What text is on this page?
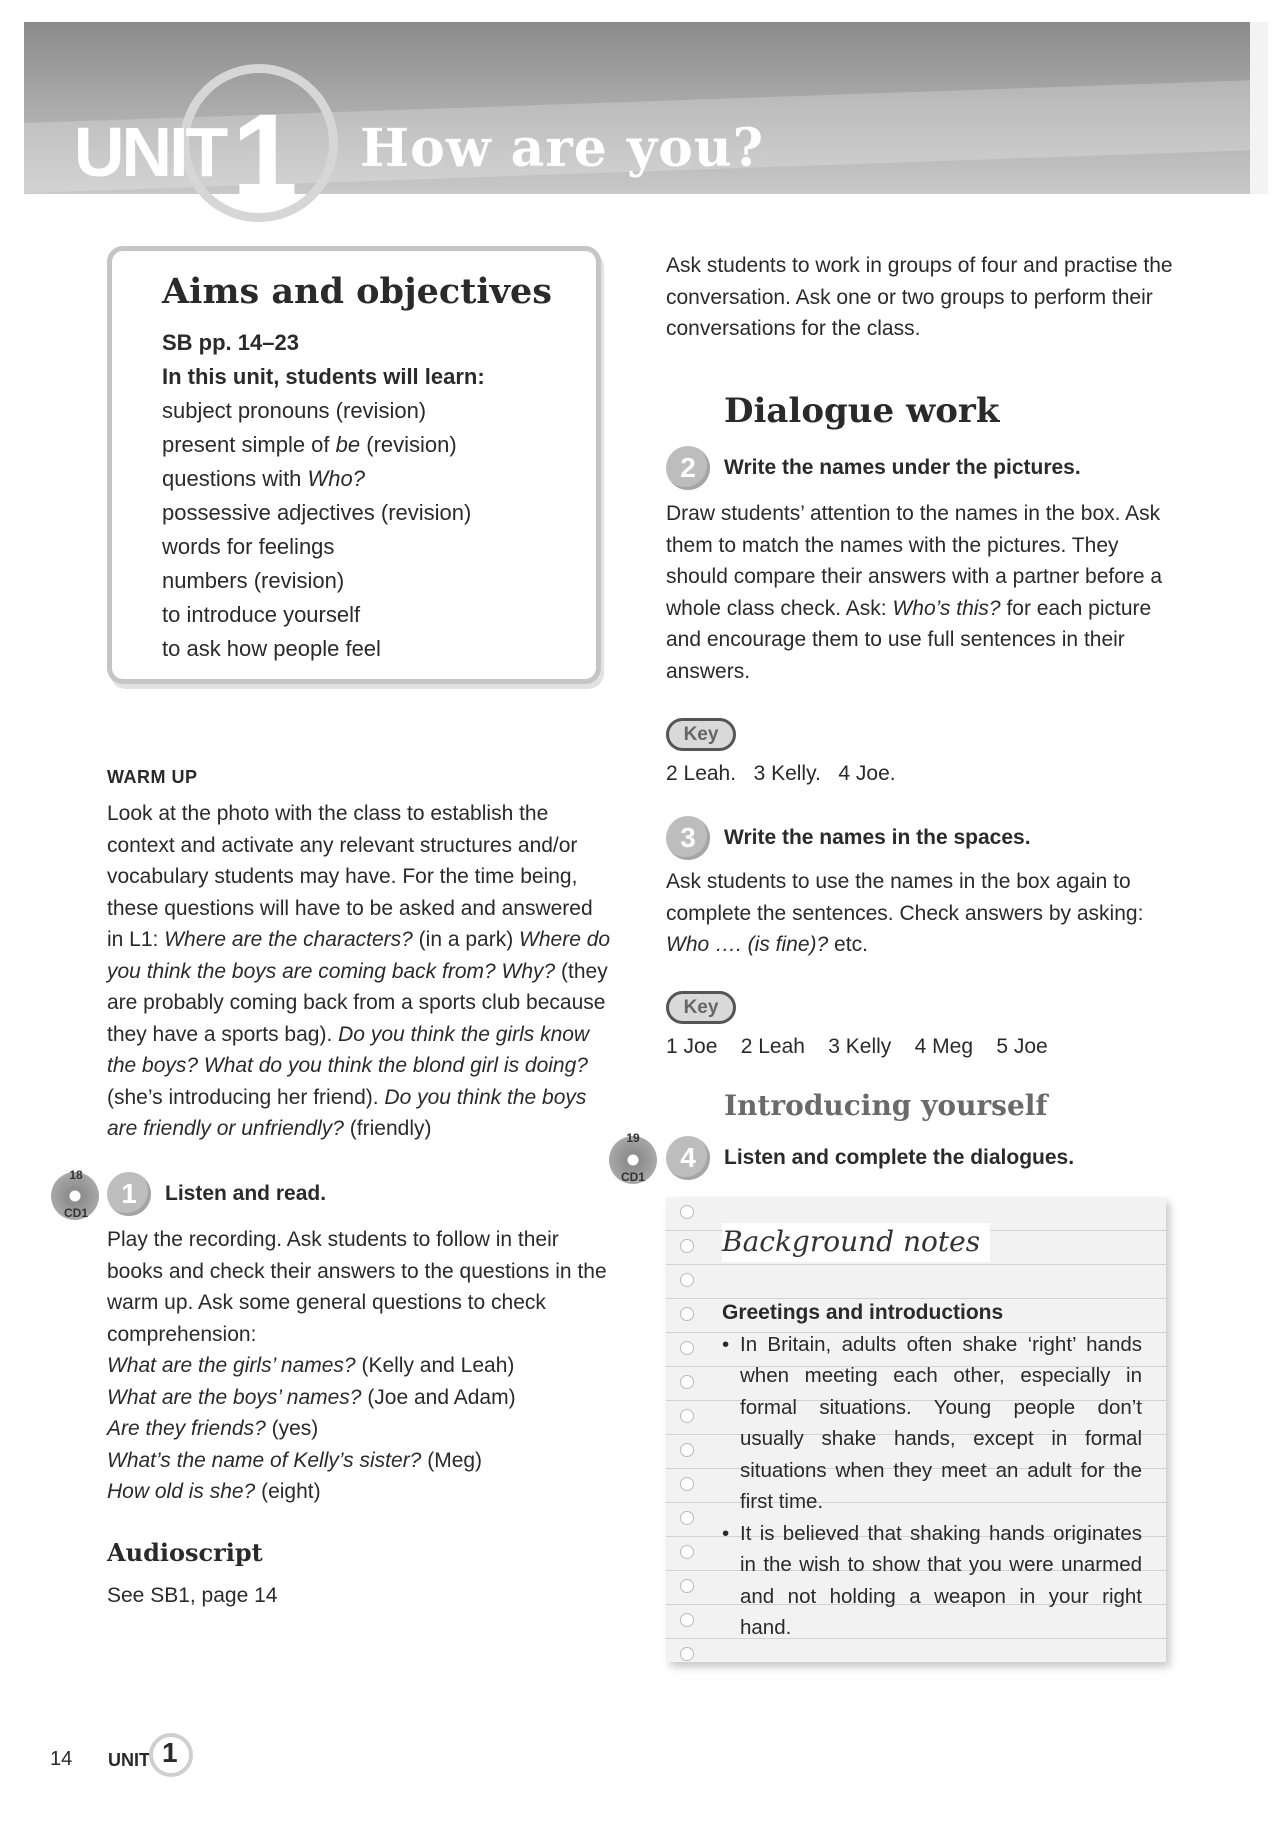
UNIT 1 How are you?
Aims and objectives
SB pp. 14–23
In this unit, students will learn:
subject pronouns (revision)
present simple of be (revision)
questions with Who?
possessive adjectives (revision)
words for feelings
numbers (revision)
to introduce yourself
to ask how people feel
WARM UP

Look at the photo with the class to establish the context and activate any relevant structures and/or vocabulary students may have. For the time being, these questions will have to be asked and answered in L1: Where are the characters? (in a park) Where do you think the boys are coming back from? Why? (they are probably coming back from a sports club because they have a sports bag). Do you think the girls know the boys? What do you think the blond girl is doing? (she’s introducing her friend). Do you think the boys are friendly or unfriendly? (friendly)

18
CD1
1	Listen and read.

Play the recording. Ask students to follow in their books and check their answers to the questions in the warm up. Ask some general questions to check comprehension:

What are the girls’ names? (Kelly and Leah)

What are the boys’ names? (Joe and Adam)

Are they friends? (yes)

What’s the name of Kelly’s sister? (Meg)

How old is she? (eight)

Audioscript
See SB1, page 14
Ask students to work in groups of four and practise the conversation. Ask one or two groups to perform their conversations for the class.
Dialogue work
2	Write the names under the pictures.

Draw students’ attention to the names in the box. Ask them to match the names with the pictures. They should compare their answers with a partner before a whole class check. Ask: Who’s this? for each picture and encourage them to use full sentences in their answers.

Key
2 Leah.   3 Kelly.   4 Joe.
3	Write the names in the spaces.

Ask students to use the names in the box again to complete the sentences. Check answers by asking: Who …. (is fine)? etc.

Key
1 Joe    2 Leah    3 Kelly    4 Meg    5 Joe
Introducing yourself
19
CD1
4	Listen and complete the dialogues.
Background notes
Greetings and introductions
• In Britain, adults often shake ‘right’ hands when meeting each other, especially in formal situations. Young people don’t usually shake hands, except in formal situations when they meet an adult for the first time.
• It is believed that shaking hands originates in the wish to show that you were unarmed and not holding a weapon in your right hand.
14 UNIT 1
